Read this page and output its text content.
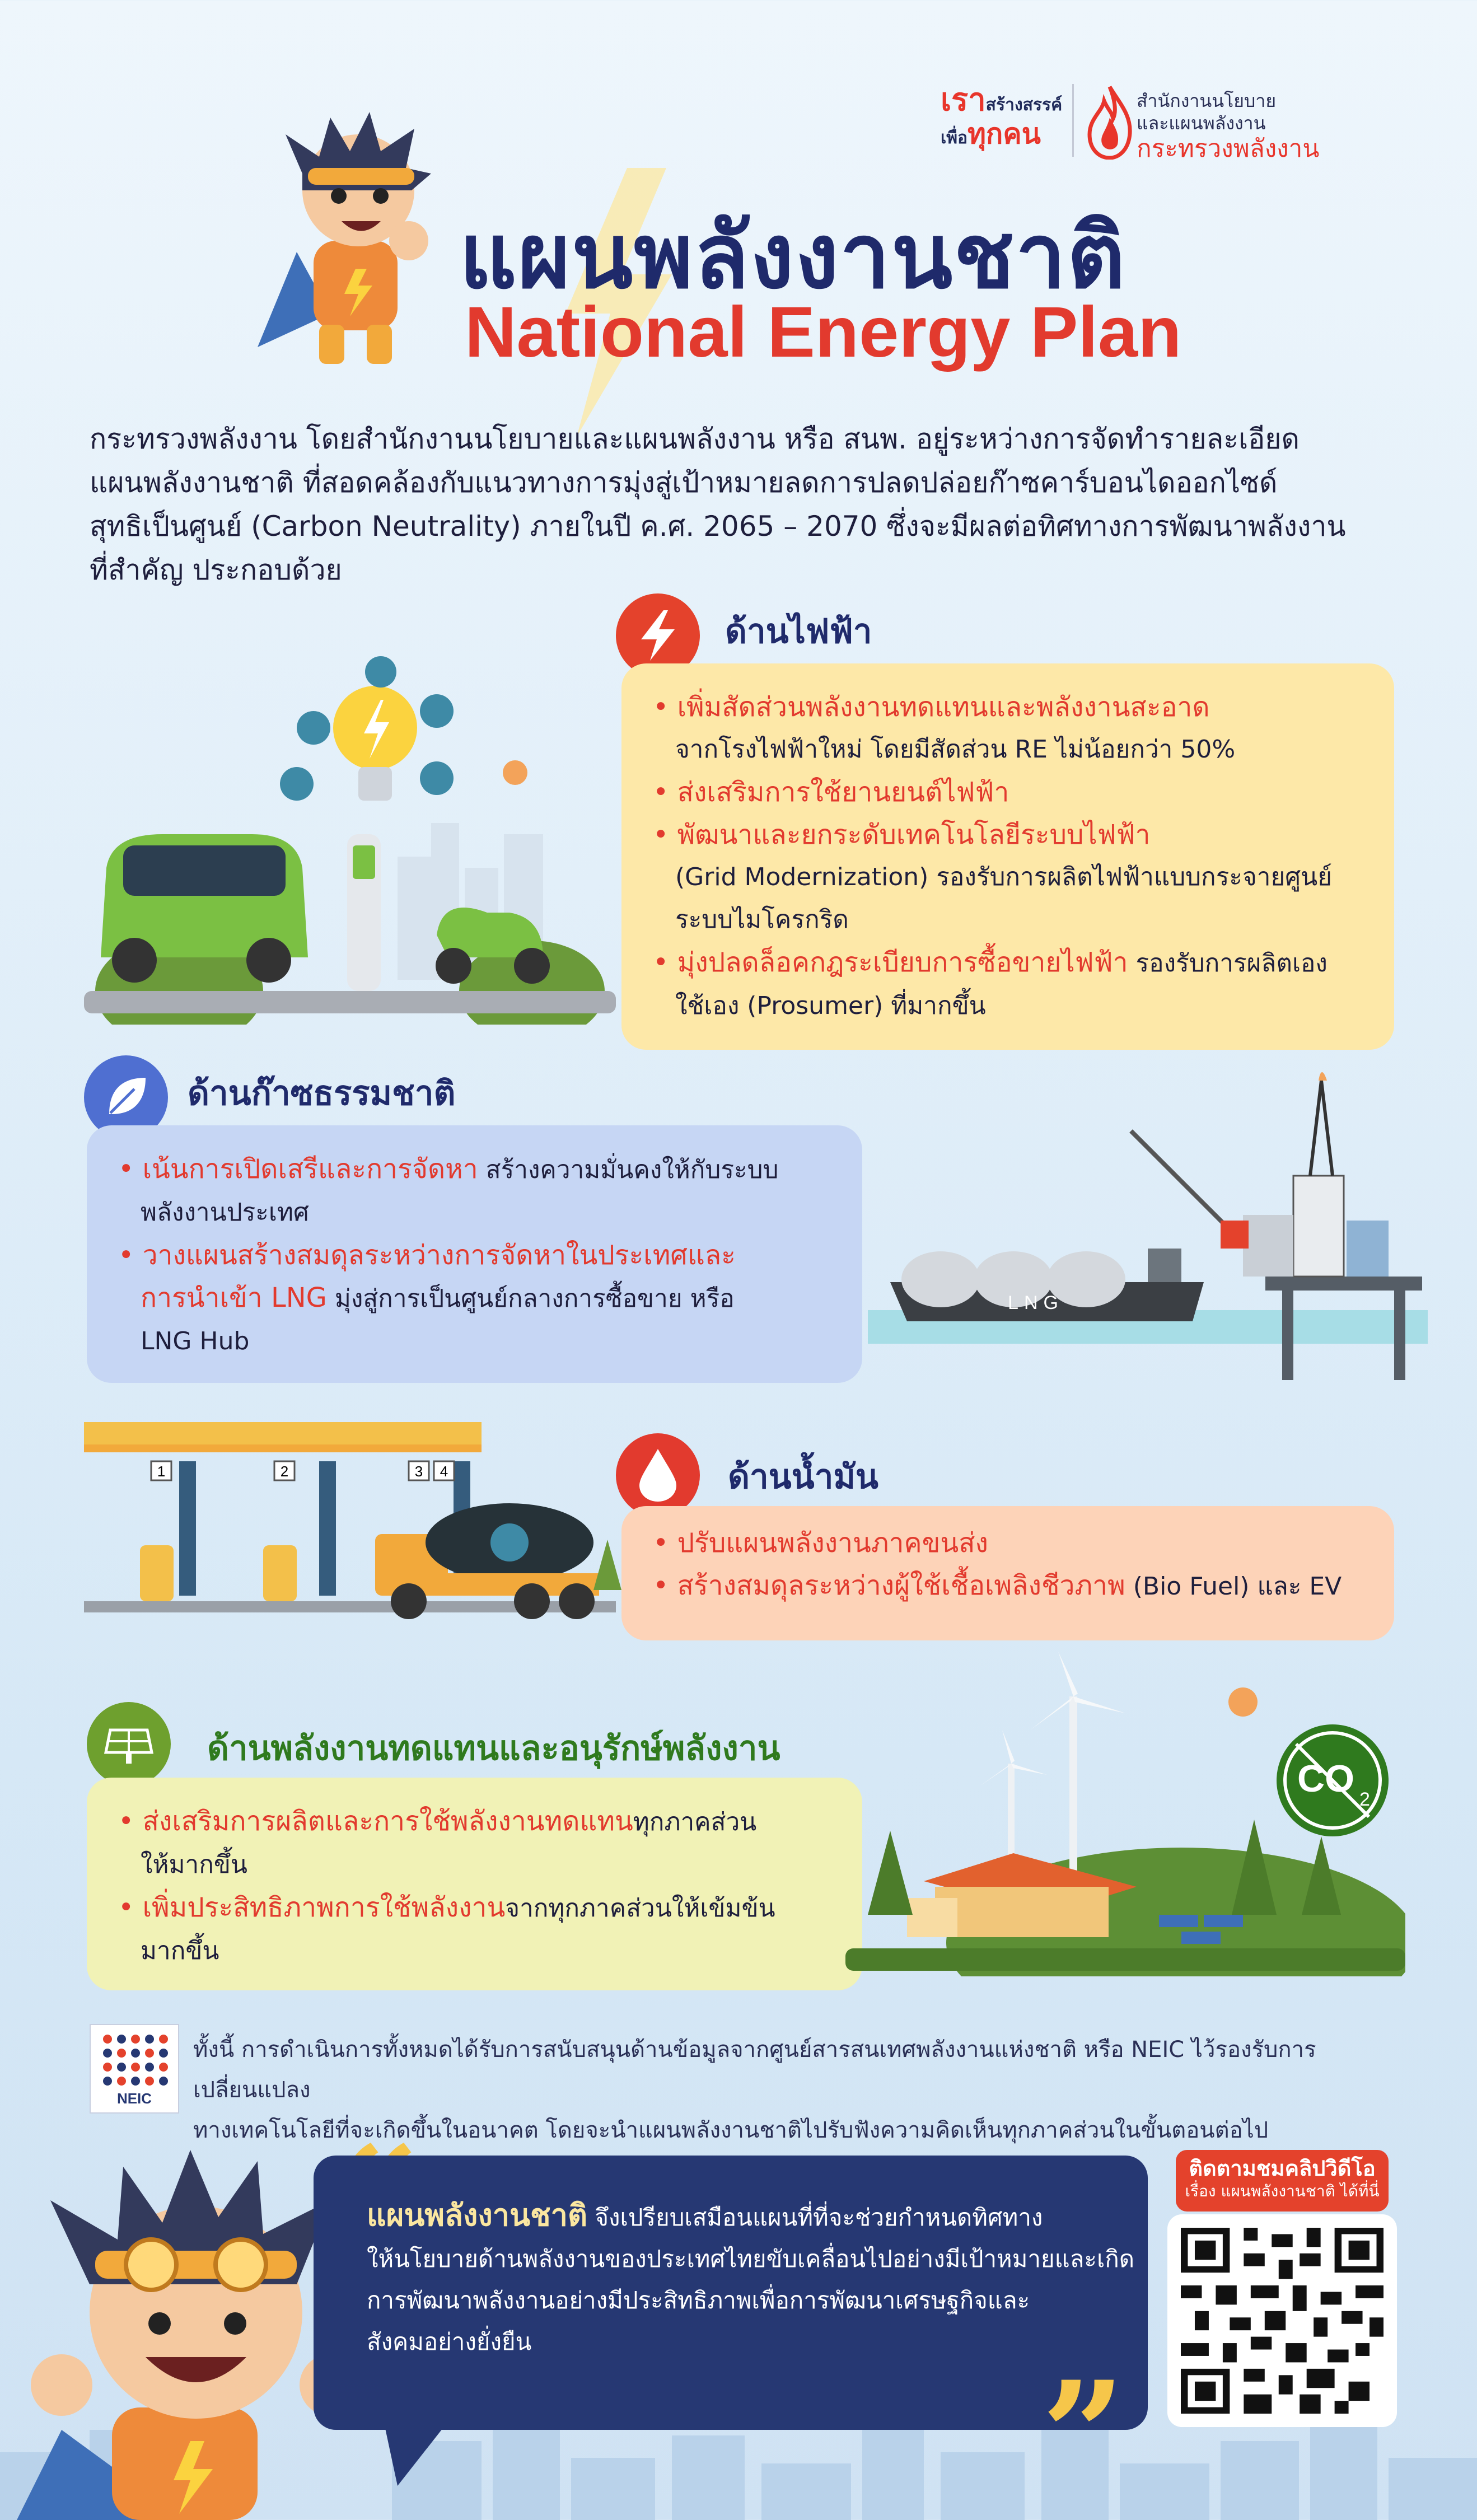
เราสร้างสรรค์
เพื่อทุกคน
สำนักงานนโยบาย
และแผนพลังงาน
กระทรวงพลังงาน
แผนพลังงานชาติ
National Energy Plan
กระทรวงพลังงาน โดยสำนักงานนโยบายและแผนพลังงาน หรือ สนพ. อยู่ระหว่างการจัดทำรายละเอียด
แผนพลังงานชาติ ที่สอดคล้องกับแนวทางการมุ่งสู่เป้าหมายลดการปลดปล่อยก๊าซคาร์บอนไดออกไซด์
สุทธิเป็นศูนย์ (Carbon Neutrality) ภายในปี ค.ศ. 2065 – 2070 ซึ่งจะมีผลต่อทิศทางการพัฒนาพลังงาน
ที่สำคัญ ประกอบด้วย
ด้านไฟฟ้า
• เพิ่มสัดส่วนพลังงานทดแทนและพลังงานสะอาด
จากโรงไฟฟ้าใหม่ โดยมีสัดส่วน RE ไม่น้อยกว่า 50%
• ส่งเสริมการใช้ยานยนต์ไฟฟ้า
• พัฒนาและยกระดับเทคโนโลยีระบบไฟฟ้า
(Grid Modernization) รองรับการผลิตไฟฟ้าแบบกระจายศูนย์
ระบบไมโครกริด
• มุ่งปลดล็อคกฎระเบียบการซื้อขายไฟฟ้า รองรับการผลิตเอง
ใช้เอง (Prosumer) ที่มากขึ้น
ด้านก๊าซธรรมชาติ
• เน้นการเปิดเสรีและการจัดหา สร้างความมั่นคงให้กับระบบ
พลังงานประเทศ
• วางแผนสร้างสมดุลระหว่างการจัดหาในประเทศและ
การนำเข้า LNG มุ่งสู่การเป็นศูนย์กลางการซื้อขาย หรือ
LNG Hub
LNG
1	2	3 4	ด้านน้ำมัน
• ปรับแผนพลังงานภาคขนส่ง
• สร้างสมดุลระหว่างผู้ใช้เชื้อเพลิงชีวภาพ (Bio Fuel) และ EV
ด้านพลังงานทดแทนและอนุรักษ์พลังงาน
• ส่งเสริมการผลิตและการใช้พลังงานทดแทนทุกภาคส่วน
ให้มากขึ้น
• เพิ่มประสิทธิภาพการใช้พลังงานจากทุกภาคส่วนให้เข้มข้น
มากขึ้น
CO 2
NEIC
ทั้งนี้ การดำเนินการทั้งหมดได้รับการสนับสนุนด้านข้อมูลจากศูนย์สารสนเทศพลังงานแห่งชาติ หรือ NEIC ไว้รองรับการเปลี่ยนแปลง
ทางเทคโนโลยีที่จะเกิดขึ้นในอนาคต โดยจะนำแผนพลังงานชาติไปรับฟังความคิดเห็นทุกภาคส่วนในขั้นตอนต่อไป
แผนพลังงานชาติ จึงเปรียบเสมือนแผนที่ที่จะช่วยกำหนดทิศทาง
ให้นโยบายด้านพลังงานของประเทศไทยขับเคลื่อนไปอย่างมีเป้าหมายและเกิด
การพัฒนาพลังงานอย่างมีประสิทธิภาพเพื่อการพัฒนาเศรษฐกิจและ
สังคมอย่างยั่งยืน
”
ติดตามชมคลิปวิดีโอ
เรื่อง แผนพลังงานชาติ ได้ที่นี่
